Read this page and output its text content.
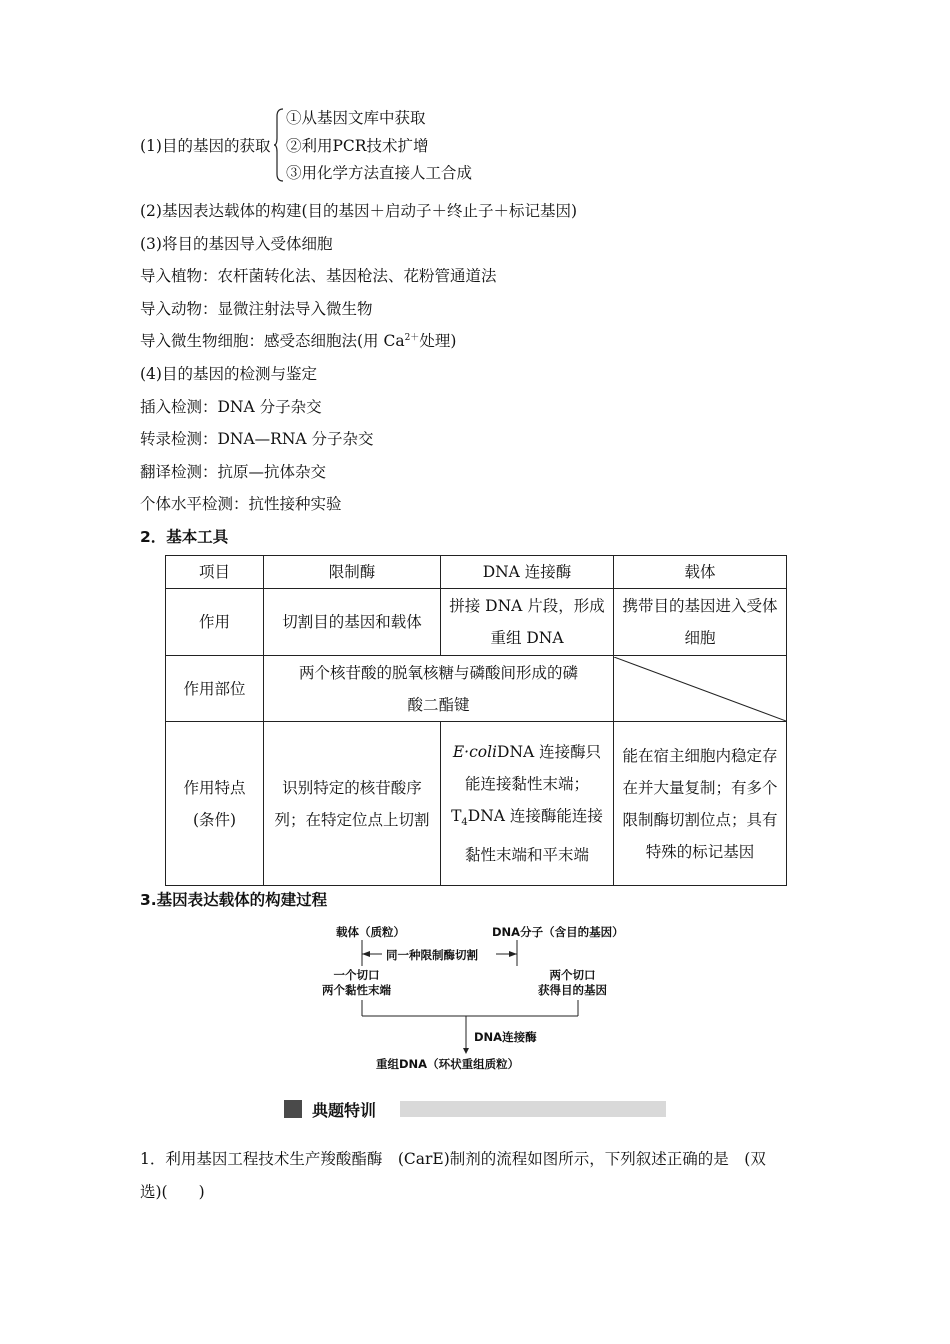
(1)目的基因的获取
①从基因文库中获取
②利用PCR技术扩增
③用化学方法直接人工合成
(2)基因表达载体的构建(目的基因＋启动子＋终止子＋标记基因)
(3)将目的基因导入受体细胞
导入植物：农杆菌转化法、基因枪法、花粉管通道法
导入动物：显微注射法导入微生物
导入微生物细胞：感受态细胞法(用 $Ca^{2+}$处理)
(4)目的基因的检测与鉴定
插入检测：DNA 分子杂交
转录检测：DNA—RNA 分子杂交
翻译检测：抗原—抗体杂交
个体水平检测：抗性接种实验
2．基本工具
项目	限制酶	DNA 连接酶	载体
作用	切割目的基因和载体	拼接 DNA 片段，形成重组 DNA	携带目的基因进入受体细胞
作用部位	两个核苷酸的脱氧核糖与磷酸间形成的磷酸二酯键	

作用特点(条件)	识别特定的核苷酸序列；在特定位点上切割	E·coliDNA 连接酶只能连接黏性末端；$T_4DNA$ 连接酶能连接黏性末端和平末端	能在宿主细胞内稳定存在并大量复制；有多个限制酶切割位点；具有特殊的标记基因
3.基因表达载体的构建过程
载体（质粒）	DNA分子（含目的基因）
同一种限制酶切割
一个切口
两个黏性末端
两个切口
获得目的基因
DNA连接酶
重组DNA（环状重组质粒）
典题特训
1．利用基因工程技术生产羧酸酯酶　(CarE)制剂的流程如图所示，下列叙述正确的是　(双
选)(　　)
